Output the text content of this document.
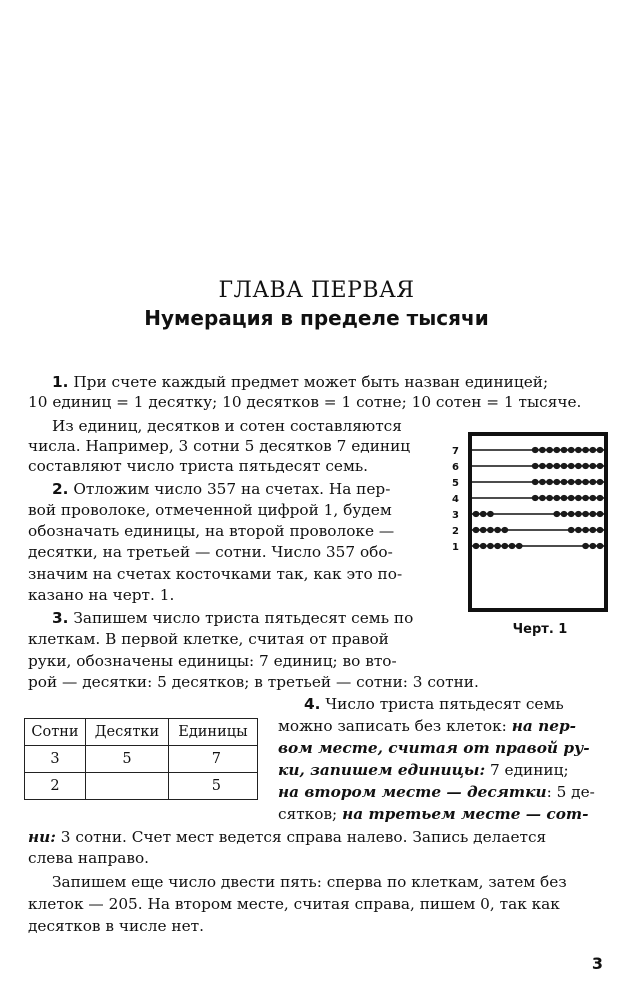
ГЛАВА ПЕРВАЯ
Нумерация в пределе тысячи
1. При счете каждый предмет может быть назван единицей;
10 единиц = 1 десятку; 10 десятков = 1 сотне; 10 сотен = 1 тысяче.
Из единиц, десятков и сотен составляются
числа. Например, 3 сотни 5 десятков 7 единиц
составляют число триста пятьдесят семь.
2. Отложим число 357 на счетах. На пер-
вой проволоке, отмеченной цифрой 1, будем
обозначать единицы, на второй проволоке —
десятки, на третьей — сотни. Число 357 обо-
значим на счетах косточками так, как это по-
казано на черт. 1.
3. Запишем число триста пятьдесят семь по
клеткам. В первой клетке, считая от правой
руки, обозначены единицы: 7 единиц; во вто-
рой — десятки: 5 десятков; в третьей — сотни: 3 сотни.
7
6
5
4
3
2
1
Черт. 1
Сотни	Десятки	Единицы
3	5	7
2		5
4. Число триста пятьдесят семь
можно записать без клеток: на пер-
вом месте, считая от правой ру-
ки, запишем единицы: 7 единиц;
на втором месте — десятки: 5 де-
сятков; на третьем месте — сот-
ни: 3 сотни. Счет мест ведется справа налево. Запись делается
слева направо.
Запишем еще число двести пять: сперва по клеткам, затем без
клеток — 205. На втором месте, считая справа, пишем 0, так как
десятков в числе нет.
3
